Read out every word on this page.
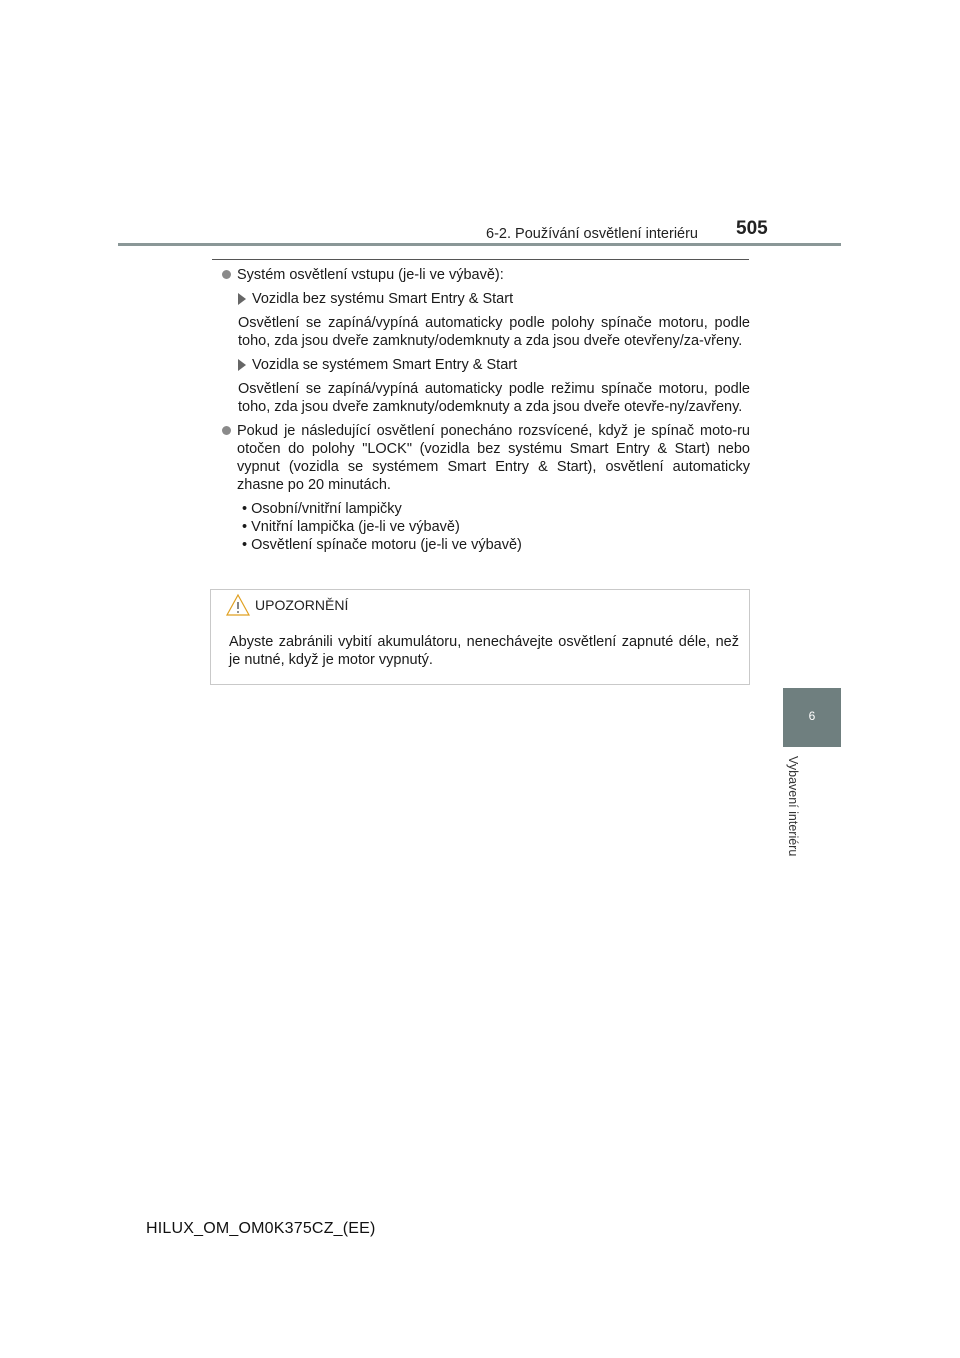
6-2. Používání osvětlení interiéru 505
6
Vybavení interiéru
Systém osvětlení vstupu (je-li ve výbavě):
Vozidla bez systému Smart Entry & Start
Osvětlení se zapíná/vypíná automaticky podle polohy spínače motoru, podle toho, zda jsou dveře zamknuty/odemknuty a zda jsou dveře otevřeny/za-vřeny.
Vozidla se systémem Smart Entry & Start
Osvětlení se zapíná/vypíná automaticky podle režimu spínače motoru, podle toho, zda jsou dveře zamknuty/odemknuty a zda jsou dveře otevře-ny/zavřeny.
Pokud je následující osvětlení ponecháno rozsvícené, když je spínač moto-ru otočen do polohy "LOCK" (vozidla bez systému Smart Entry & Start) nebo vypnut (vozidla se systémem Smart Entry & Start), osvětlení automaticky zhasne po 20 minutách.
• Osobní/vnitřní lampičky
• Vnitřní lampička (je-li ve výbavě)
• Osvětlení spínače motoru (je-li ve výbavě)
UPOZORNĚNÍ
Abyste zabránili vybití akumulátoru, nenechávejte osvětlení zapnuté déle, než je nutné, když je motor vypnutý.
HILUX_OM_OM0K375CZ_(EE)
